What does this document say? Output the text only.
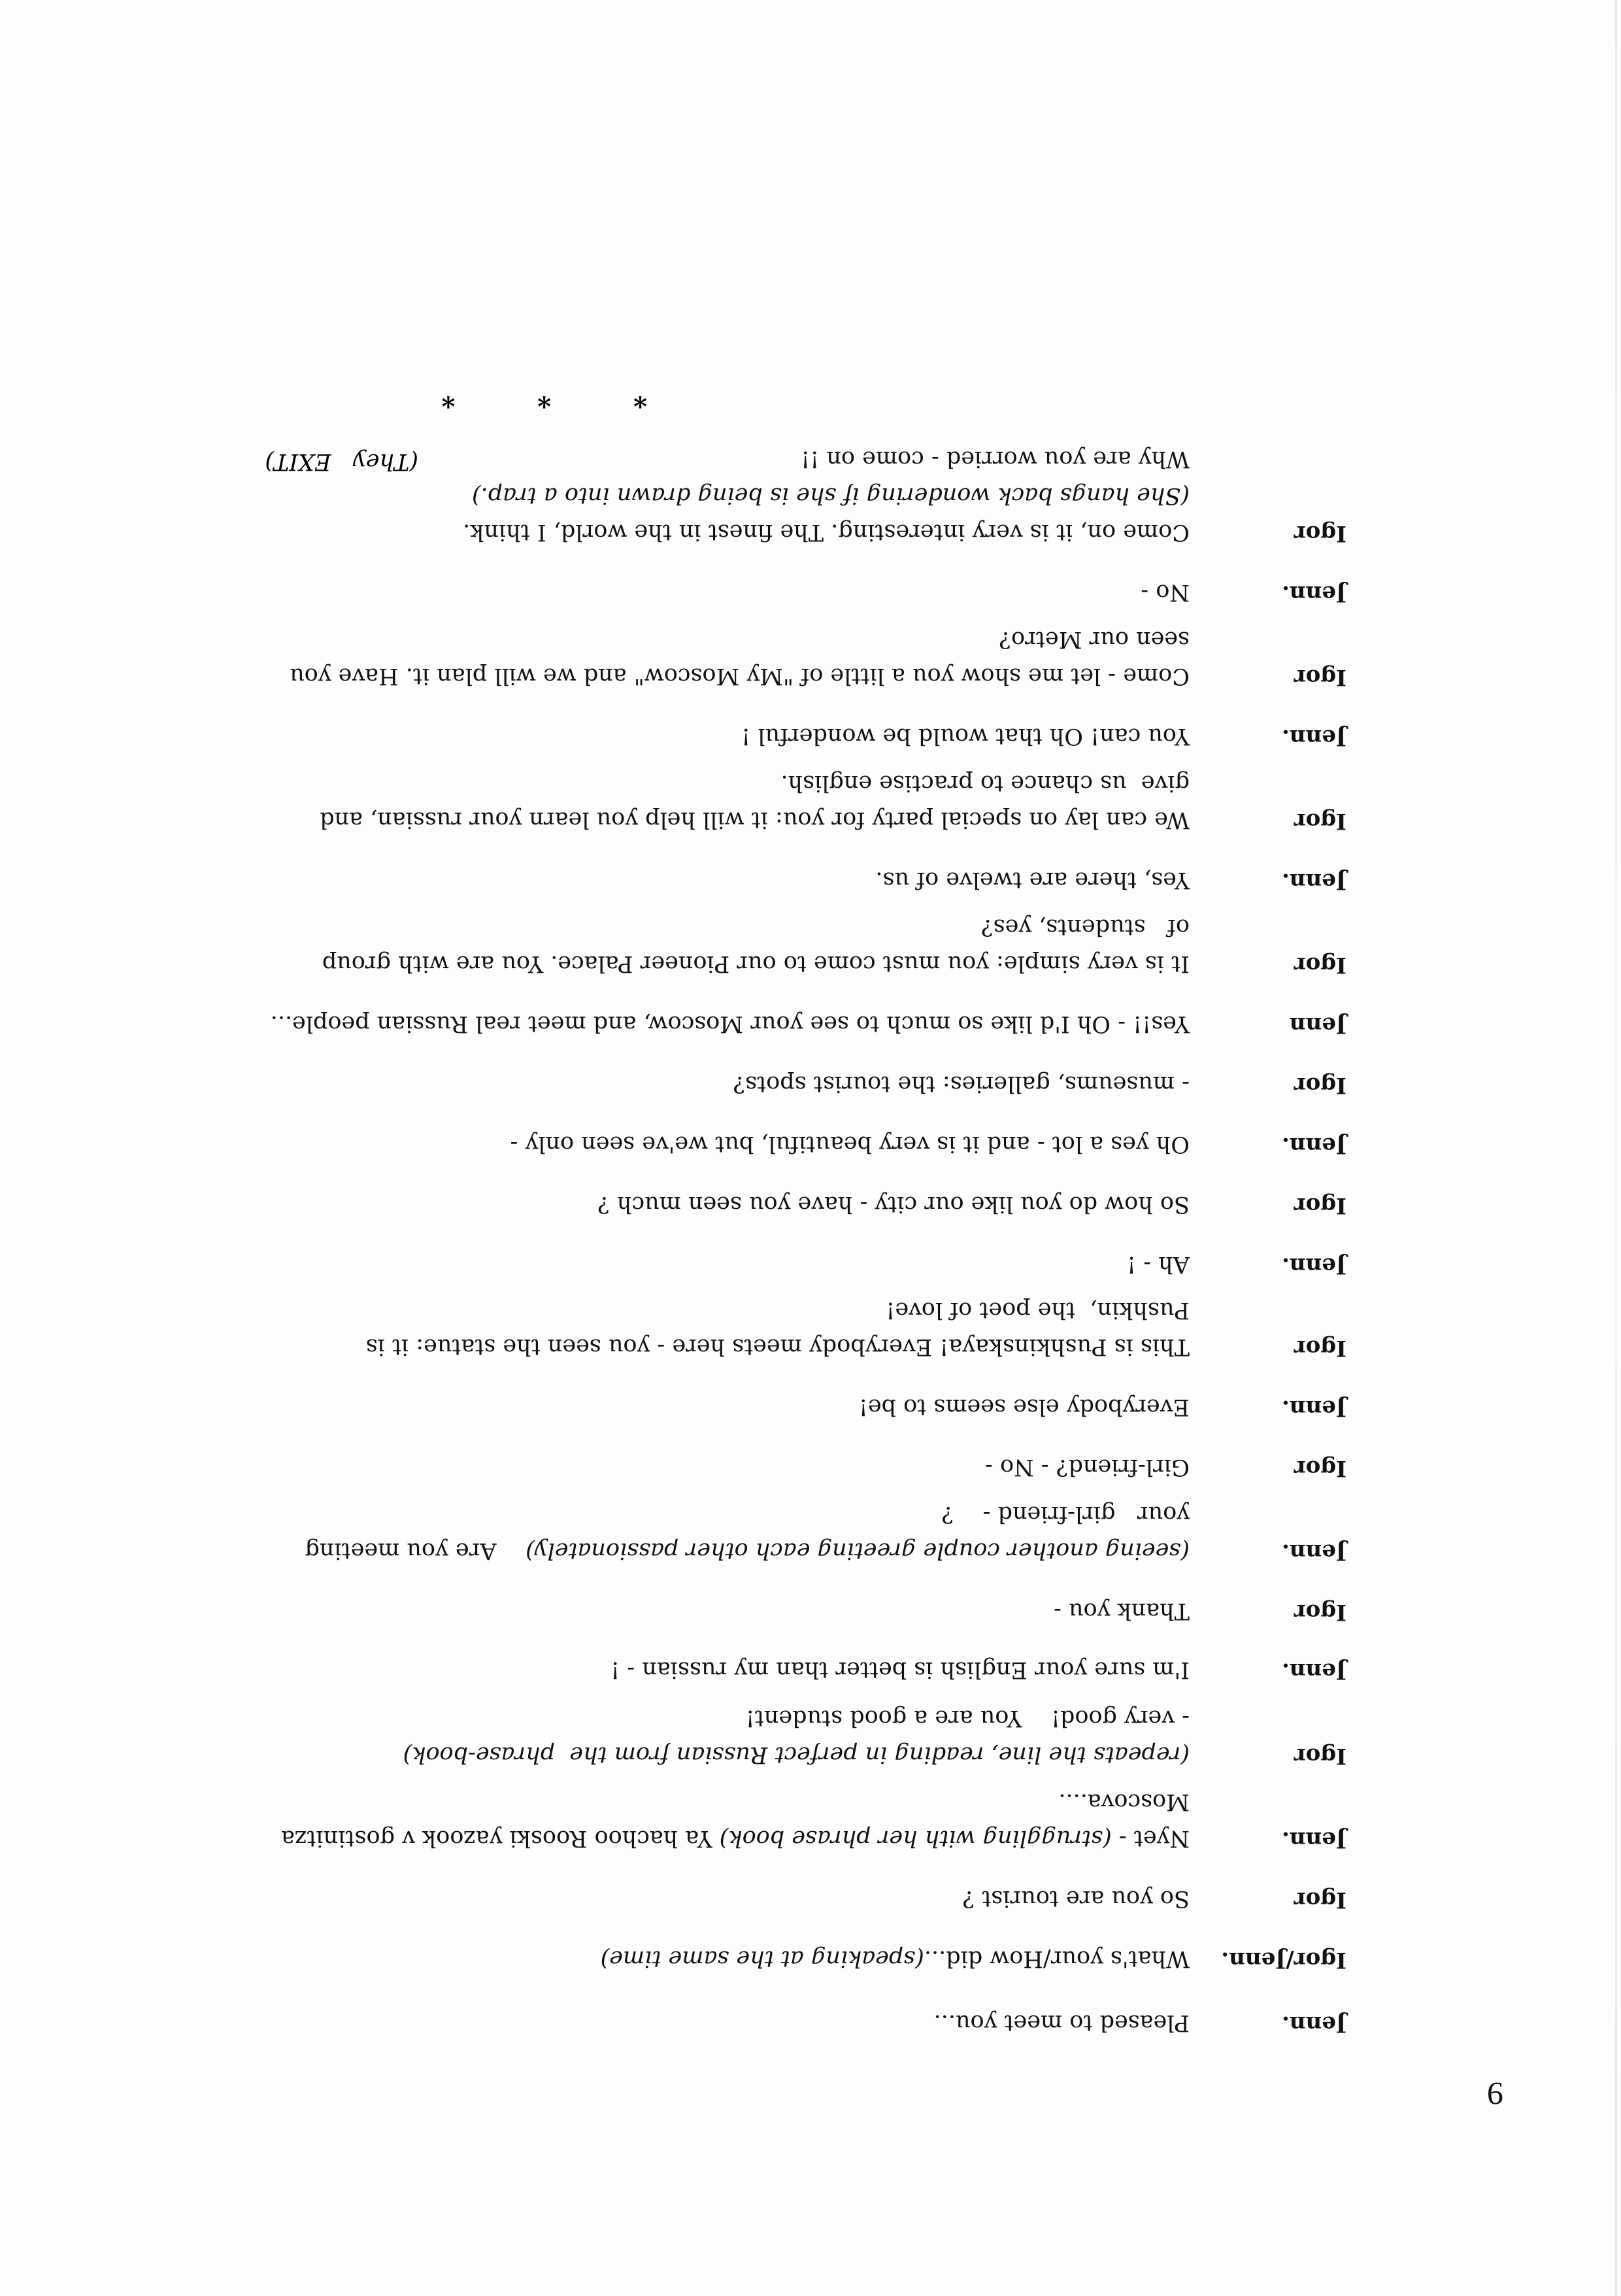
9
Jenn.
Pleased to meet you...
Igor/Jenn.
What's your/How did...(speaking at the same time)
Igor
So you are tourist ?
Jenn.
Nyet - (struggling with her phrase book) Ya hachoo Rooski yazook v gostinitza Moscova....
Igor
(repeats the line, reading in perfect Russian from the  phrase-book)
- very good!    You are a good student!
Jenn.
I'm sure your English is better than my russian - !
Igor
Thank you -
Jenn.
(seeing another couple greeting each other passionately)    Are you meeting
your   girl-friend -    ?
Igor
Girl-friend? - No -
Jenn.
Everybody else seems to be!
Igor
This is Pushkinskaya! Everybody meets here - you seen the statue: it is
Pushkin,  the poet of love!
Jenn.
Ah - !
Igor
So how do you like our city - have you seen much ?
Jenn.
Oh yes a lot - and it is very beautiful, but we've seen only -
Igor
- museums, galleries: the tourist spots?
Jenn
Yes!! - Oh I'd like so much to see your Moscow, and meet real Russian people...
Igor
It is very simple: you must come to our Pioneer Palace. You are with group
of   students, yes?
Jenn.
Yes, there are twelve of us.
Igor
We can lay on special party for you: it will help you learn your russian, and
give  us chance to practise english.
Jenn.
You can! Oh that would be wonderful !
Igor
Come - let me show you a little of "My Moscow" and we will plan it. Have you
seen our Metro?
Jenn.
No -
Igor
Come on, it is very interesting. The finest in the world, I think.
(She hangs back wondering if she is being drawn into a trap.)
Why are you worried - come on !!
(They   EXIT)
* * *
